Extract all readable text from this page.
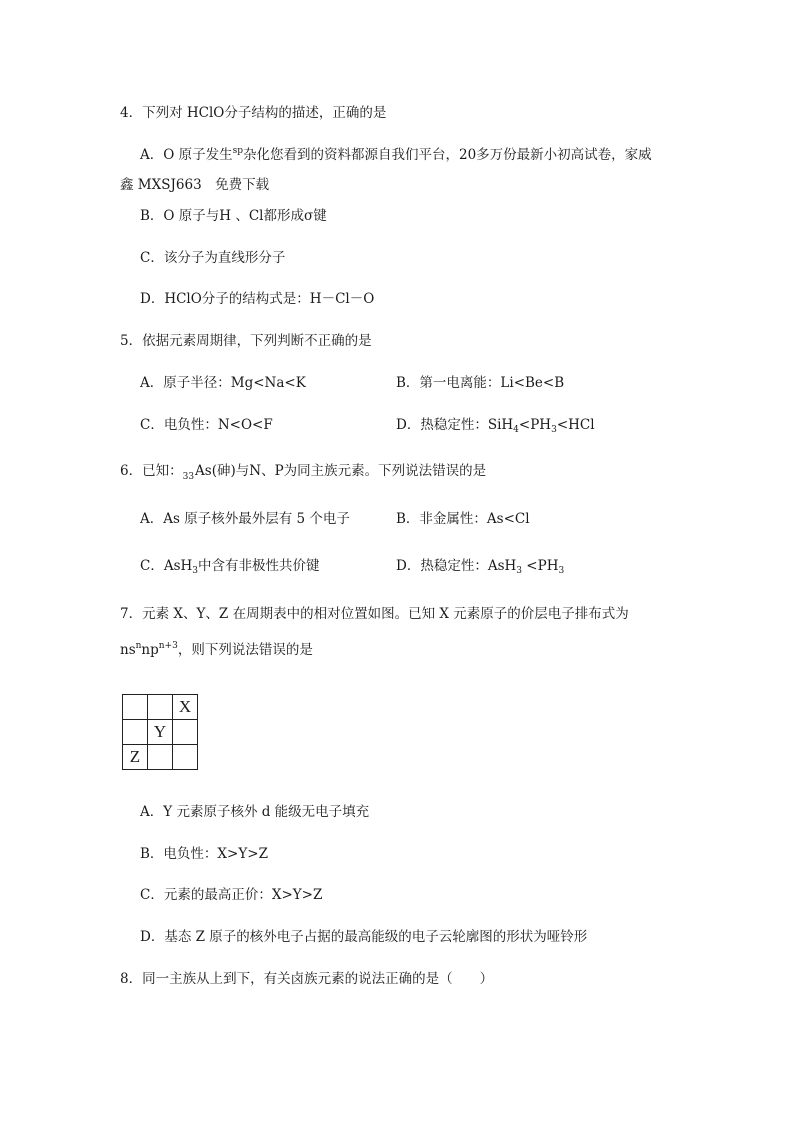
4．下列对 HClO分子结构的描述，正确的是
A．O 原子发生$^{sp}$杂化您看到的资料都源自我们平台，20多万份最新小初高试卷，家威
鑫 MXSJ663　免费下载
B．O 原子与H 、Cl都形成σ键
C．该分子为直线形分子
D．HClO分子的结构式是：H－Cl－O
5．依据元素周期律，下列判断不正确的是
A．原子半径：Mg<Na<K	B．第一电离能：Li<Be<B
C．电负性：N<O<F	D．热稳定性：$SiH_4<PH_3<HCl$
6．已知：$_{33}$As(砷)与N、P为同主族元素。下列说法错误的是
A．As 原子核外最外层有 5 个电子	B．非金属性：As<Cl
C．AsH$_3$中含有非极性共价键	D．热稳定性：$AsH_3 <PH_3$
7．元素 X、Y、Z 在周期表中的相对位置如图。已知 X 元素原子的价层电子排布式为
$ns^nnp^{n+3}$，则下列说法错误的是
		X
	Y	
Z		
A．Y 元素原子核外 d 能级无电子填充
B．电负性：X>Y>Z
C．元素的最高正价：X>Y>Z
D．基态 Z 原子的核外电子占据的最高能级的电子云轮廓图的形状为哑铃形
8．同一主族从上到下，有关卤族元素的说法正确的是（　　）
